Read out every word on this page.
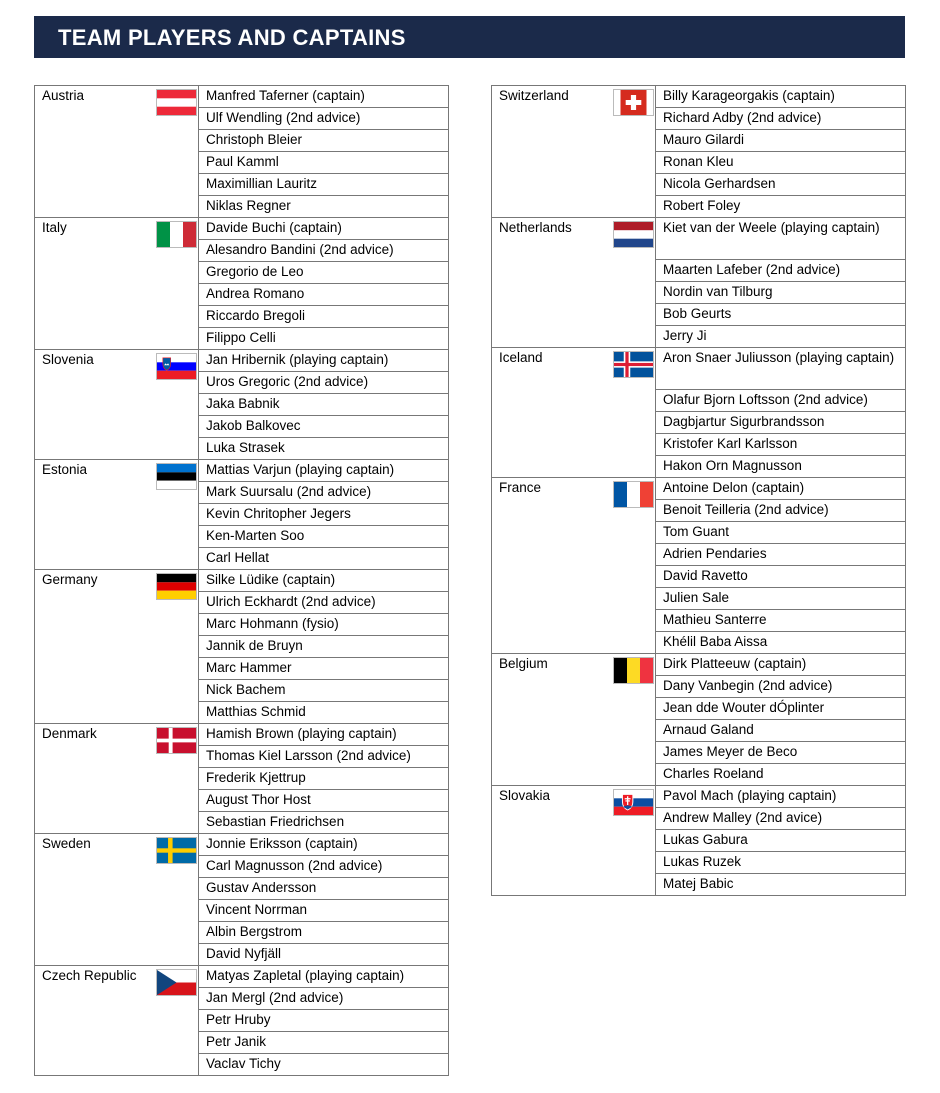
TEAM PLAYERS AND CAPTAINS
Austria	Manfred Taferner (captain)
	Ulf Wendling (2nd advice)
	Christoph Bleier
	Paul Kamml
	Maximillian Lauritz
	Niklas Regner

Italy	Davide Buchi (captain)
	Alesandro Bandini (2nd advice)
	Gregorio de Leo
	Andrea Romano
	Riccardo Bregoli
	Filippo Celli

Slovenia	Jan Hribernik (playing captain)
	Uros Gregoric (2nd advice)
	Jaka Babnik
	Jakob Balkovec
	Luka Strasek

Estonia	Mattias Varjun (playing captain)
	Mark Suursalu (2nd advice)
	Kevin Chritopher Jegers
	Ken-Marten Soo
	Carl Hellat

Germany	Silke Lüdike (captain)
	Ulrich Eckhardt (2nd advice)
	Marc Hohmann (fysio)
	Jannik de Bruyn
	Marc Hammer
	Nick Bachem
	Matthias Schmid

Denmark	Hamish Brown (playing captain)
	Thomas Kiel Larsson (2nd advice)
	Frederik Kjettrup
	August Thor Host
	Sebastian Friedrichsen

Sweden	Jonnie Eriksson (captain)
	Carl Magnusson (2nd advice)
	Gustav Andersson
	Vincent Norrman
	Albin Bergstrom
	David Nyfjäll

Czech Republic	Matyas Zapletal (playing captain)
	Jan Mergl (2nd advice)
	Petr Hruby
	Petr Janik
	Vaclav Tichy
Switzerland	Billy Karageorgakis (captain)
	Richard Adby (2nd advice)
	Mauro Gilardi
	Ronan Kleu
	Nicola Gerhardsen
	Robert Foley

Netherlands	Kiet van der Weele (playing captain)
	Maarten Lafeber (2nd advice)
	Nordin van Tilburg
	Bob Geurts
	Jerry Ji

Iceland	Aron Snaer Juliusson (playing captain)
	Olafur Bjorn Loftsson (2nd advice)
	Dagbjartur Sigurbrandsson
	Kristofer Karl Karlsson
	Hakon Orn Magnusson

France	Antoine Delon (captain)
	Benoit Teilleria (2nd advice)
	Tom Guant
	Adrien Pendaries
	David Ravetto
	Julien Sale
	Mathieu Santerre
	Khélil Baba Aissa

Belgium	Dirk Platteeuw (captain)
	Dany Vanbegin (2nd advice)
	Jean dde Wouter dÓplinter
	Arnaud Galand
	James Meyer de Beco
	Charles Roeland

Slovakia	Pavol Mach (playing captain)
	Andrew Malley (2nd avice)
	Lukas Gabura
	Lukas Ruzek
	Matej Babic
